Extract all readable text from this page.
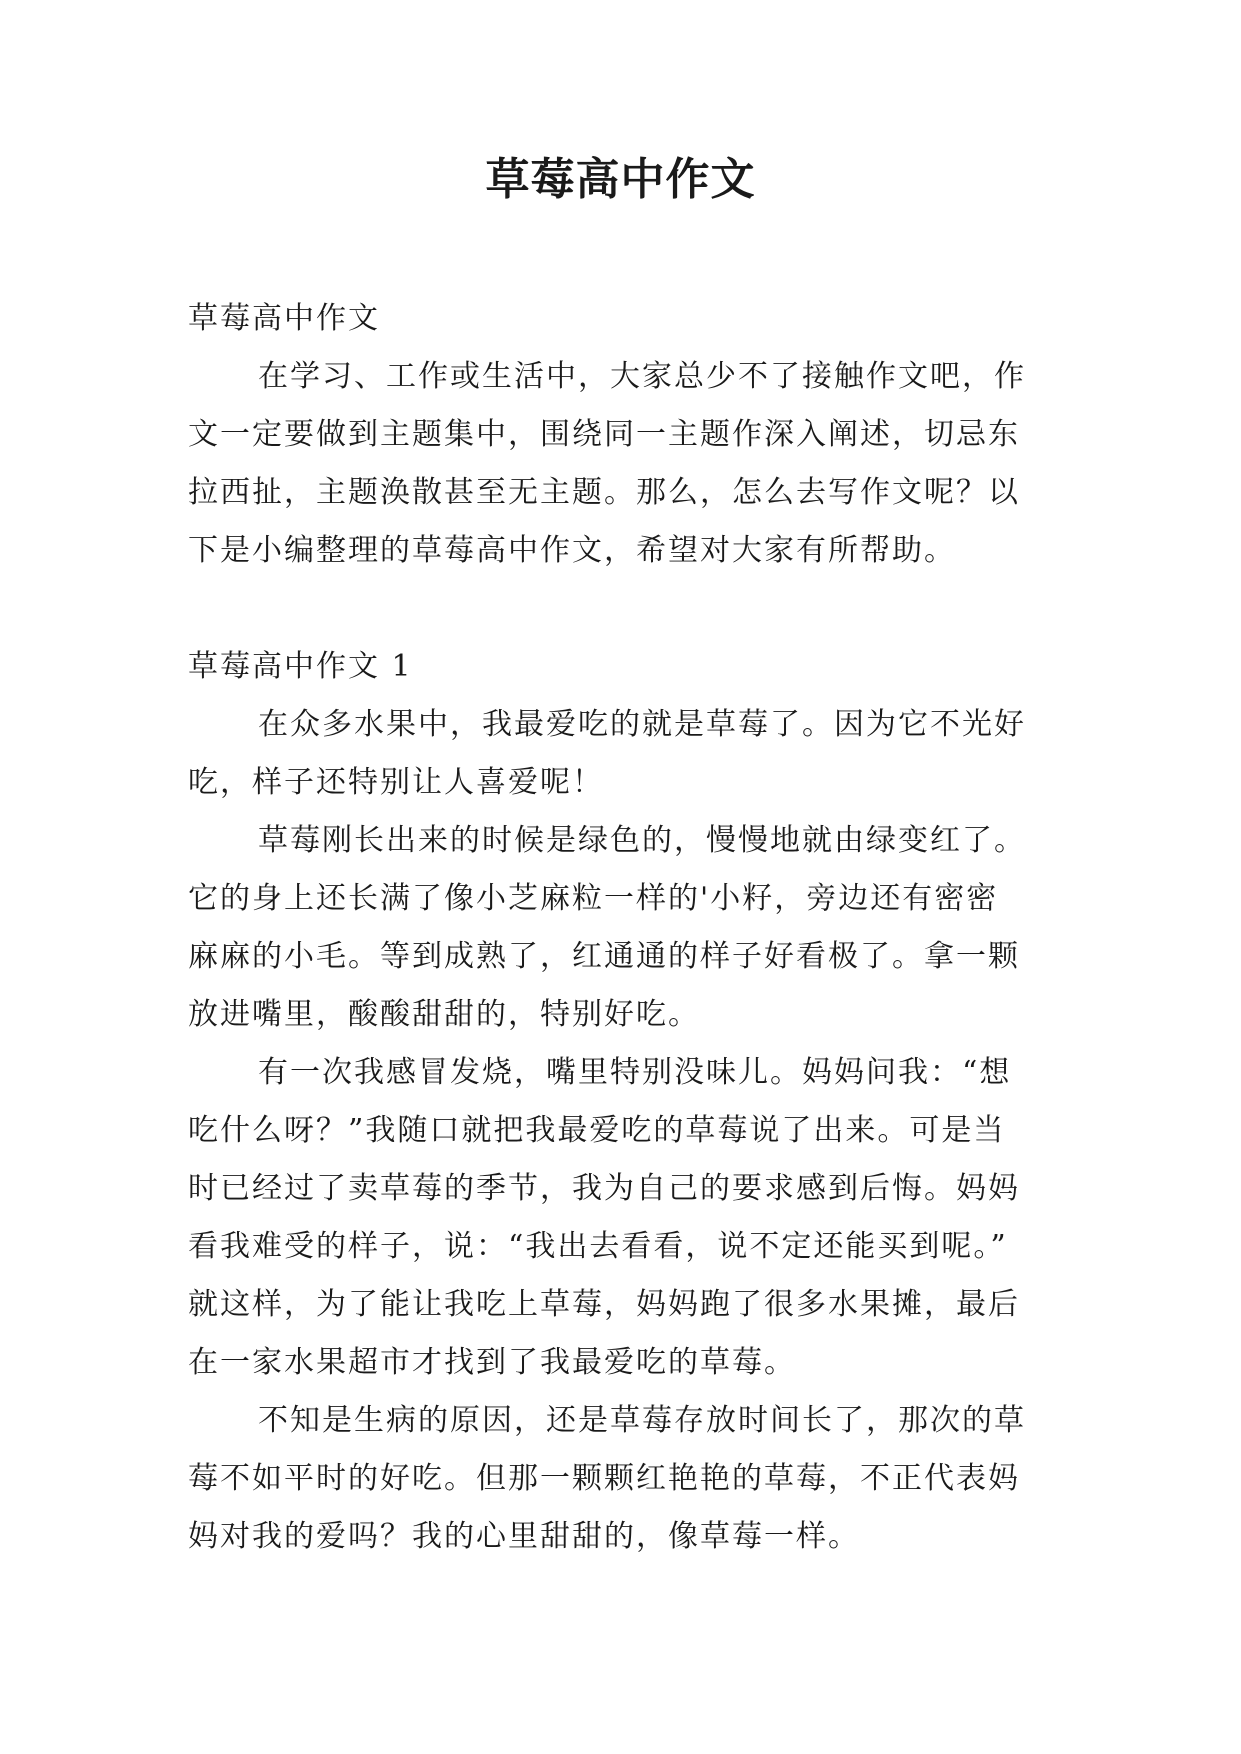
草莓高中作文

草莓高中作文

在学习、工作或生活中，大家总少不了接触作文吧，作

文一定要做到主题集中，围绕同一主题作深入阐述，切忌东

拉西扯，主题涣散甚至无主题。那么，怎么去写作文呢？以

下是小编整理的草莓高中作文，希望对大家有所帮助。

草莓高中作文 1

在众多水果中，我最爱吃的就是草莓了。因为它不光好

吃，样子还特别让人喜爱呢！

草莓刚长出来的时候是绿色的，慢慢地就由绿变红了。

它的身上还长满了像小芝麻粒一样的'小籽，旁边还有密密

麻麻的小毛。等到成熟了，红通通的样子好看极了。拿一颗

放进嘴里，酸酸甜甜的，特别好吃。

有一次我感冒发烧，嘴里特别没味儿。妈妈问我：“想

吃什么呀？”我随口就把我最爱吃的草莓说了出来。可是当

时已经过了卖草莓的季节，我为自己的要求感到后悔。妈妈

看我难受的样子，说：“我出去看看，说不定还能买到呢。”

就这样，为了能让我吃上草莓，妈妈跑了很多水果摊，最后

在一家水果超市才找到了我最爱吃的草莓。

不知是生病的原因，还是草莓存放时间长了，那次的草

莓不如平时的好吃。但那一颗颗红艳艳的草莓，不正代表妈

妈对我的爱吗？我的心里甜甜的，像草莓一样。
